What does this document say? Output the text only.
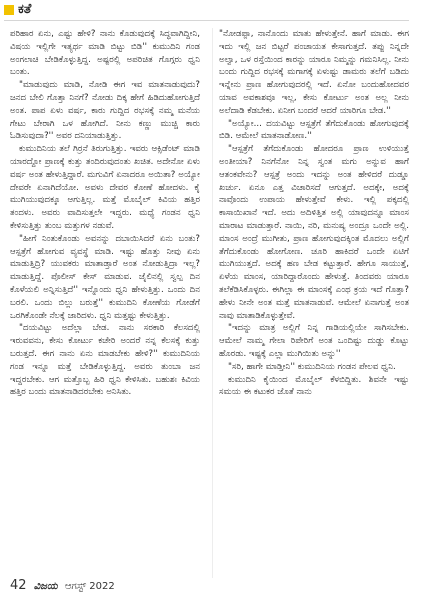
ಕತೆ

ಪರಿಹಾರ ಏನು, ಎಷ್ಟು ಹೇಳಿ? ನಾನು ಕೊಡುವುದಕ್ಕೆ ಸಿದ್ಧವಾಗಿದ್ದೀನಿ, ವಿಷಯ ಇಲ್ಲಿಗೇ ಇತ್ಯರ್ಥ ಮಾಡಿ ಬಿಟ್ಟು ಬಿಡಿ'' ಕುಮುದಿನಿ ಗಂಡ ಅಂಗಲಾಚಿ ಬೇಡಿಕೊಳ್ಳುತ್ತಿದ್ದ. ಅಷ್ಟರಲ್ಲಿ ಅಪರಿಚಿತ ಗೊಗ್ಗರು ಧ್ವನಿ ಬಂತು.

"ಮಾಡುವುದು ಮಾಡಿ, ನೋಡಿ ಈಗ ಇವ ಮಾತನಾಡುವುದು? ಜನದ ಬೇಲಿ ಗೊತ್ತಾ ನಿನಗೆ? ನೋಡು ದಿಕ್ಕ ಹೇಗೆ ಹಿಡಿದುಹೋಗುತ್ತಿದೆ ಅಂತ. ಪಾಪ ಏಳು ವರ್ಷ, ಕಾರು ಗುದ್ದಿದ ರಭಸಕ್ಕೆ ನಮ್ಮ ಮನೆಯ ಗೇಟು ಬೇರಾಗಿ ಒಳ ಹೋಗಿದೆ. ನೀನು ಕಣ್ಣು ಮುಚ್ಚಿ ಕಾರು ಓಡಿಸುವುದಾ?'' ಅವರ ದನಿಯಾಡುತ್ತಿತ್ತು.

ಕುಮುದಿನಿಯ ತಲೆ ಗಿರ್ರನೆ ತಿರುಗುತ್ತಿತ್ತು. ಇವರು ಆಕ್ಸಿಡೆಂಟ್ ಮಾಡಿ ಯಾರದ್ದೋ ಪ್ರಾಣಕ್ಕೆ ಕುತ್ತು ತಂದಿರುವುದಂತು ಖಚಿತ. ಅದೇನೋ ಏಳು ವರ್ಷ ಅಂತ ಹೇಳುತ್ತಿದ್ದಾರೆ. ಮಗುವಿಗೆ ಏನಾದರೂ ಅಯಿತಾ? ಅಯ್ಯೋ ದೇವರೇ ಏನಾಗಿದೆಯೋ. ಅವಳು ದೇವರ ಕೋಣೆ ಹೋದಳು. ಕೈ ಮುಗಿಯುವುದಕ್ಕೂ ಆಗುತ್ತಿಲ್ಲ. ಮತ್ತೆ ಮೊಬೈಲ್ ಕಿವಿಯ ಹತ್ತಿರ ತಂದಳು. ಅವರು ವಾದಿಸುತ್ತಲೇ ಇದ್ದರು. ಮಧ್ಯೆ ಗಂಡನ ಧ್ವನಿ ಕೇಳಿಸುತ್ತಿತ್ತು ತುಂಬ ಮತ್ತುಗಳ ನಡುವೆ.

"ಹೀಗೆ ನಿಂತುಕೊಂಡು ಅವನನ್ನು ದಬಾಯಿಸಿದರೆ ಏನು ಬಂತು? ಆಸ್ಪತ್ರೆಗೆ ಹೋಗುವ ವ್ಯವಸ್ಥೆ ಮಾಡಿ. ಇಷ್ಟು ಹೊತ್ತು ನೀವು ಏನು ಮಾಡುತ್ತಿದ್ರಿ? ಯುವಕರು ಮಾತಾಡ್ತಾರೆ ಅಂತ ನೋಡುತ್ತಿದ್ರಾ ಇಲ್ಲ? ಮಾಡುತ್ತಿದ್ದೆ. ಪೊಲೀಸ್ ಕೇಸ್ ಮಾಡುವ. ಜೈಲಿನಲ್ಲಿ ಸ್ವಲ್ಪ ದಿನ ಕೊಳೆಯಲಿ ಅನ್ನಿಸುತ್ತಿದೆ'' ಇನ್ನೊಂದು ಧ್ವನಿ ಹೇಳುತ್ತಿತ್ತು. ಒಂದು ದಿನ ಬರಲಿ. ಒಂದು ಬಿಲ್ಲು ಬರುತ್ತೆ'' ಕುಮುದಿನಿ ಕೋಣೆಯ ಗೋಡೆಗೆ ಒರಗಿಕೊಂಡೇ ನೆಲಕ್ಕೆ ಜಾರಿದಳು. ಧ್ವನಿ ಮತ್ತಷ್ಟು ಕೇಳುತ್ತಿತ್ತು.

"ದಯವಿಟ್ಟು ಅದೆಲ್ಲಾ ಬೇಡ. ನಾನು ಸರಕಾರಿ ಕೆಲಸದಲ್ಲಿ ಇರುವವನು, ಕೇಸು ಕೋರ್ಟು ಕಚೇರಿ ಅಂದರೆ ನನ್ನ ಕೆಲಸಕ್ಕೆ ಕುತ್ತು ಬರುತ್ತದೆ. ಈಗ ನಾನು ಏನು ಮಾಡಬೇಕು ಹೇಳಿ?'' ಕುಮುದಿನಿಯ ಗಂಡ ಇನ್ನೂ ಮತ್ತೆ ಬೇಡಿಕೊಳ್ಳುತ್ತಿದ್ದ. ಅವರು ತುಂಬಾ ಜನ ಇದ್ದರಬೇಕು. ಆಗ ಮತ್ತೊಬ್ಬ ಹಿರಿ ಧ್ವನಿ ಕೇಳಿಸಿತು. ಬಹುಶಃ ಕಿವಿಯ ಹತ್ತಿರ ಬಂದು ಮಾತನಾಡಿದರಬೇಕು ಅನಿಸಿತು.

"ನೋಡಪ್ಪಾ, ನಾನೊಂದು ಮಾತು ಹೇಳುತ್ತೇನೆ. ಹಾಗೆ ಮಾಡು. ಈಗ ಇದು ಇಲ್ಲಿ ಜನ ಬಿಟ್ಟರೆ ಪಂಚಾಯತ ಕೇಸಾಗುತ್ತದೆ. ತಪ್ಪು ನಿನ್ನದೇ ಅಲ್ವಾ, ಒಳ ರಸ್ತೆಯಿಂದ ಕಾರನ್ನು ಯಾರೂ ನಿಮ್ಮನ್ನು ಗಮನಿಸಿಲ್ಲ. ನೀನು ಬಂದು ಗುದ್ದಿದ ರಭಸಕ್ಕೆ ಮಗಾಗಕ್ಕೆ ಏಳುಷ್ಟು ಡಾಮರು ತಲೆಗೆ ಬಡಿದು ಇನ್ನೇನು ಪ್ರಾಣ ಹೋಗುವುದರಲ್ಲಿ ಇದೆ. ಏನೋ ಬಂದುಹೋದವರ ಯಾವ ಅವಕಾಶವೂ ಇಲ್ಲ, ಕೇಸು ಕೋರ್ಟು ಅಂತ ಅಲ್ಲ ನೀನು ಅಲೆದಾಡಿ ಕೆಡಬೇಕು. ಏನೀಗ ಬಂದರೆ ಆದರೆ ಯಾರಿಗೂ ಬೇಡ.''

"ಅಯ್ಯೋ... ದಯವಿಟ್ಟು ಆಸ್ಪತ್ರೆಗೆ ತೆಗೆದುಕೊಂಡು ಹೋಗುವುದಕ್ಕೆ ಬಿಡಿ. ಆಮೇಲೆ ಮಾತನಾಡೋಣ.''

"ಆಸ್ಪತ್ರೆಗೆ ತೆಗೆದುಕೊಂಡು ಹೋದರೂ ಪ್ರಾಣ ಉಳಿಯುತ್ತೆ ಅಂತೀಯಾ? ನಿನಗೆನೋ ನಿನ್ನ ಸ್ವಂತ ಮಗು ಅನ್ನುವ ಹಾಗೆ ಆತಂಕವೇನು? ಆಸ್ಪತ್ರೆ ಅಂದು ಇದನ್ನು ಅಂತ ಹೇಳಿದರೆ ದುಡ್ಡೂ ಖರ್ಚು. ಏನೂ ಎತ್ತ ವಿಚಾರಿಸದೆ ಆಗುತ್ತದೆ. ಅದಕ್ಕೇ, ಅದಕ್ಕೆ ನಾವೊಂದು ಉಪಾಯ ಹೇಳುತ್ತೇವೆ ಕೇಳು. ಇಲ್ಲಿ ಪಕ್ಕದಲ್ಲಿ ಕಾಸಾಯಿಖಾನೆ ಇದೆ. ಅದು ಅದಿಳಿತ್ತಿತ ಅಲ್ಲಿ ಯಾವುದನ್ನೂ ಮಾಂಸ ಮಾರಾಟ ಮಾಡುತ್ತಾರೆ. ನಾಯಿ, ನರಿ, ಮನುಷ್ಯ ಅಂದ್ರೂ ಒಂದೇ ಅಲ್ಲಿ. ಮಾಂಸ ಅಂದ್ರೆ ಮುಗೀತು, ಪ್ರಾಣ ಹೋಗುವುದಕ್ಕಿಂತ ಮೊದಲು ಅಲ್ಲಿಗೆ ತೆಗೆದುಕೊಂಡು ಹೋಗೋಣ. ಚೂರಿ ಹಾಕಿದರೆ ಒಂದೇ ಏಟಿಗೆ ಮುಗಿಯುತ್ತದೆ. ಅದಕ್ಕೆ ಹಣ ಬೇಡ ಕಟ್ಟುತ್ತಾರೆ. ಹೇಗೂ ಸಾಯುತ್ತೆ, ಏಳೆಯ ಮಾಂಸ, ಯಾರಿದ್ದಾರೊಂದು ಹೇಳುತ್ತೆ. ತಿಂದವರು ಯಾರೂ ತಲೆಕೆಡಿಸಿಕೊಳ್ಳರು. ಈಗಿಲ್ಲಾ ಈ ಮಾಂಸಕ್ಕೆ ಎಂಥ ಕ್ರಯ ಇದೆ ಗೊತ್ತಾ? ಹೇಳು ನೀನೇ ಅಂತ ಮತ್ತೆ ಮಾತನಾಡುವೆ. ಆಮೇಲೆ ಏನಾಗುತ್ತೆ ಅಂತ ನಾವು ಮಾತಾಡಿಕೊಳ್ಳುತ್ತೇವೆ.

"ಇದನ್ನು ಮಾತ್ರ ಅಲ್ಲಿಗೆ ನಿನ್ನ ಗಾಡಿಯಲ್ಲಿಯೇ ಸಾಗಿಸಬೇಕು. ಆಮೇಲೆ ನಾಮ್ಮ ಗೇಲಾ ರಿಪೇರಿಗೆ ಅಂತ ಒಂದಿಷ್ಟು ದುಡ್ಡು ಕೊಟ್ಟು ಹೊರಡು. ಇಷ್ಟಕ್ಕೆ ಎಲ್ಲಾ ಮುಗಿಯಿತು ಅನ್ನು''

"ಸರಿ, ಹಾಗೇ ಮಾಡ್ತೀನಿ'' ಕುಮುದಿನಿಯ ಗಂಡನ ಪೇಲವ ಧ್ವನಿ.

ಕುಮುದಿನಿ ಕೈಯಿಂದ ಮೊಬೈಲ್ ಕೆಳಬಿದ್ದಿತು. ಶಿವನೇ ಇಷ್ಟು ಸಮಯ ಈ ಕಟುಕರ ಜೊತೆ ನಾನು

42 ವಿಜಯ ಆಗಸ್ಟ್ 2022
